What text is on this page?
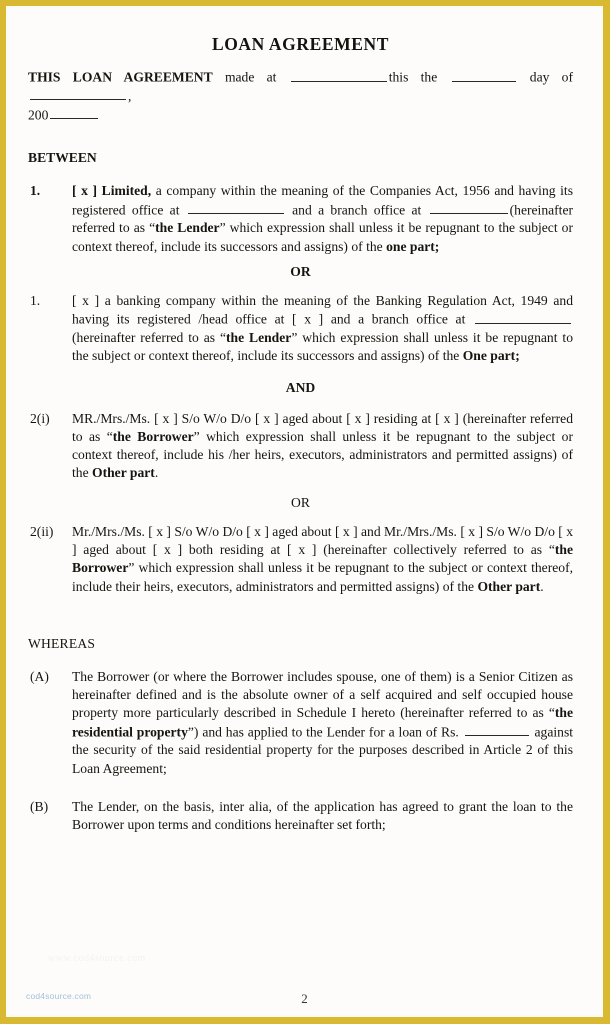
LOAN AGREEMENT

THIS LOAN AGREEMENT made at	this the	day of ,
200

BETWEEN
1.	[ x ] Limited, a company within the meaning of the Companies Act, 1956 and having its registered office at	and a branch office at	(hereinafter referred to as “the Lender” which expression shall unless it be repugnant to the subject or context thereof, include its successors and assigns) of the one part;

OR

1.	[ x ] a banking company within the meaning of the Banking Regulation Act, 1949 and having its registered /head office at [ x ] and a branch office at  (hereinafter referred to as “the Lender” which expression shall unless it be repugnant to the subject or context thereof, include its successors and assigns) of the One part;

AND

2(i)	MR./Mrs./Ms. [ x ] S/o W/o D/o [ x ] aged about [ x ] residing at [ x ] (hereinafter referred to as “the Borrower” which expression shall unless it be repugnant to the subject or context thereof, include his /her heirs, executors, administrators and permitted assigns) of the Other part.

OR

2(ii)	Mr./Mrs./Ms. [ x ] S/o W/o D/o [ x ] aged about [ x ] and Mr./Mrs./Ms. [ x ] S/o W/o D/o [ x ] aged about [ x ] both residing at [ x ] (hereinafter collectively referred to as “the Borrower” which expression shall unless it be repugnant to the subject or context thereof, include their heirs, executors, administrators and permitted assigns) of the Other part.

WHEREAS
(A)	The Borrower (or where the Borrower includes spouse, one of them) is a Senior Citizen as hereinafter defined and is the absolute owner of a self acquired and self occupied house property more particularly described in Schedule I hereto (hereinafter referred to as “the residential property”) and has applied to the Lender for a loan of Rs.	against the security of the said residential property for the purposes described in Article 2 of this Loan Agreement;

(B)	The Lender, on the basis, inter alia, of the application has agreed to grant the loan to the Borrower upon terms and conditions hereinafter set forth;

www.cod4source.com
cod4source.com	2
